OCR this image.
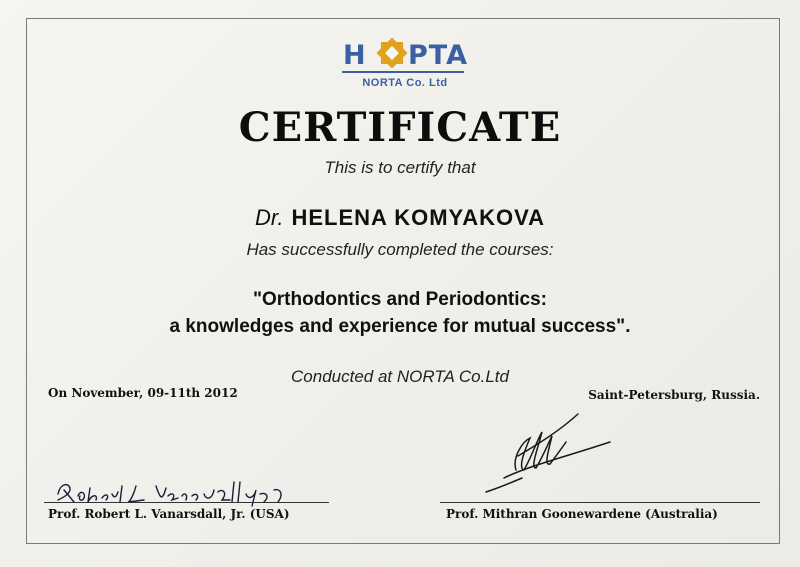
H PTA
NORTA Co. Ltd
CERTIFICATE
This is to certify that
Dr. HELENA KOMYAKOVA
Has successfully completed the courses:
"Orthodontics and Periodontics:
a knowledges and experience for mutual success".
Conducted at NORTA Co.Ltd
On November, 09-11th 2012	Saint-Petersburg, Russia.
Prof. Robert L. Vanarsdall, Jr. (USA)	Prof. Mithran Goonewardene (Australia)
